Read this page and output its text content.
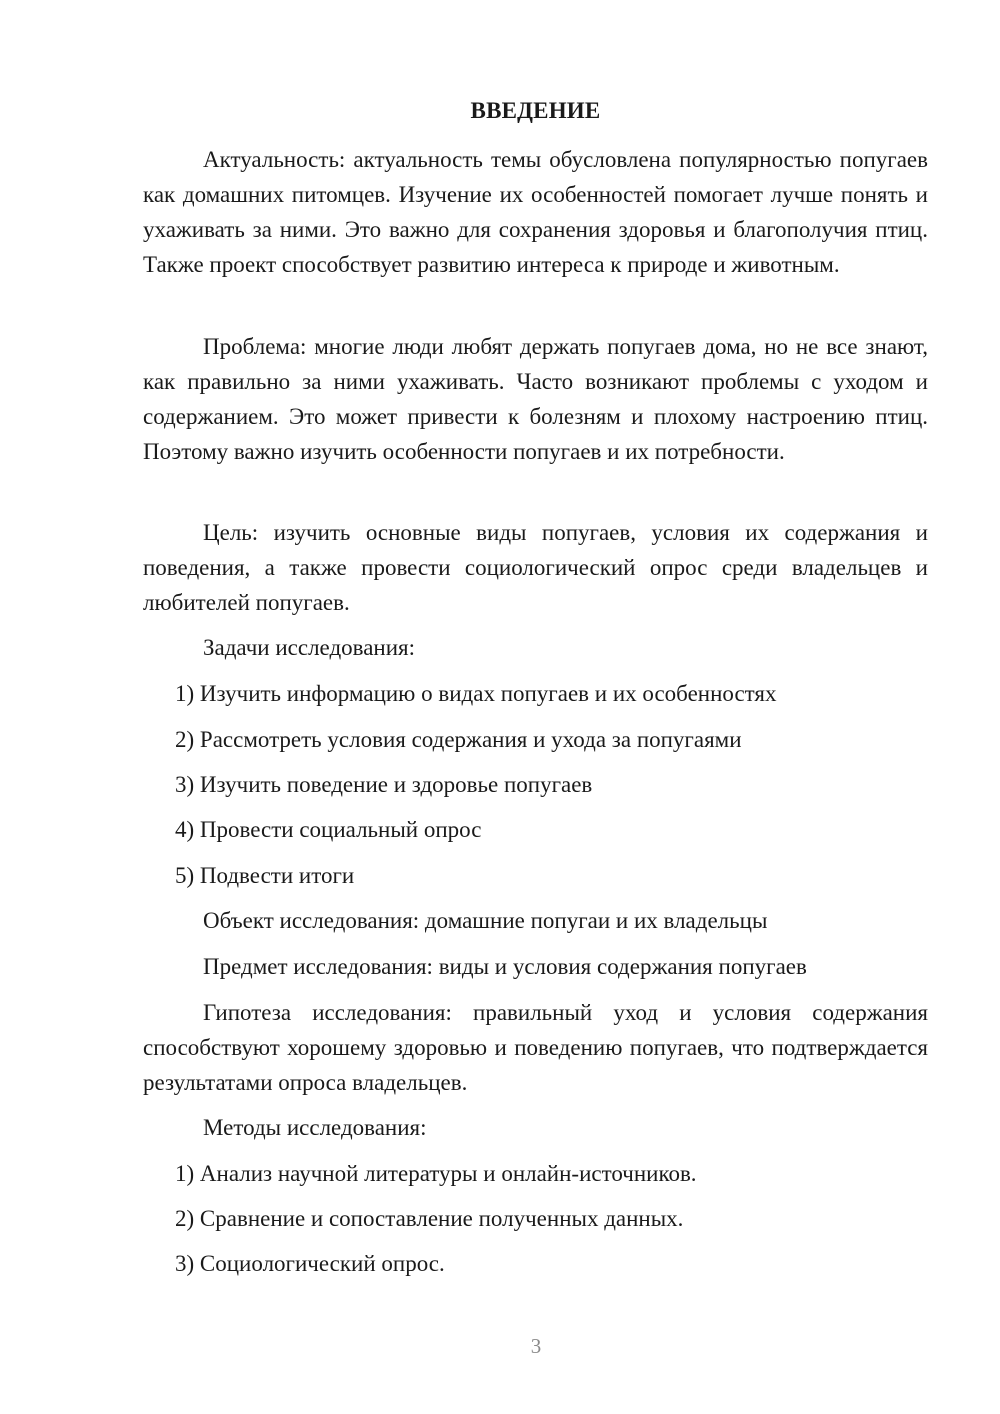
ВВЕДЕНИЕ

Актуальность: актуальность темы обусловлена популярностью попугаев как домашних питомцев. Изучение их особенностей помогает лучше понять и ухаживать за ними. Это важно для сохранения здоровья и благополучия птиц. Также проект способствует развитию интереса к природе и животным.

Проблема: многие люди любят держать попугаев дома, но не все знают, как правильно за ними ухаживать. Часто возникают проблемы с уходом и содержанием. Это может привести к болезням и плохому настроению птиц. Поэтому важно изучить особенности попугаев и их потребности.

Цель: изучить основные виды попугаев, условия их содержания и поведения, а также провести социологический опрос среди владельцев и любителей попугаев.

Задачи исследования:

1) Изучить информацию о видах попугаев и их особенностях

2) Рассмотреть условия содержания и ухода за попугаями

3) Изучить поведение и здоровье попугаев

4) Провести социальный опрос

5) Подвести итоги

Объект исследования: домашние попугаи и их владельцы

Предмет исследования: виды и условия содержания попугаев

Гипотеза исследования: правильный уход и условия содержания способствуют хорошему здоровью и поведению попугаев, что подтверждается результатами опроса владельцев.

Методы исследования:

1) Анализ научной литературы и онлайн-источников.

2) Сравнение и сопоставление полученных данных.

3) Социологический опрос.

3
